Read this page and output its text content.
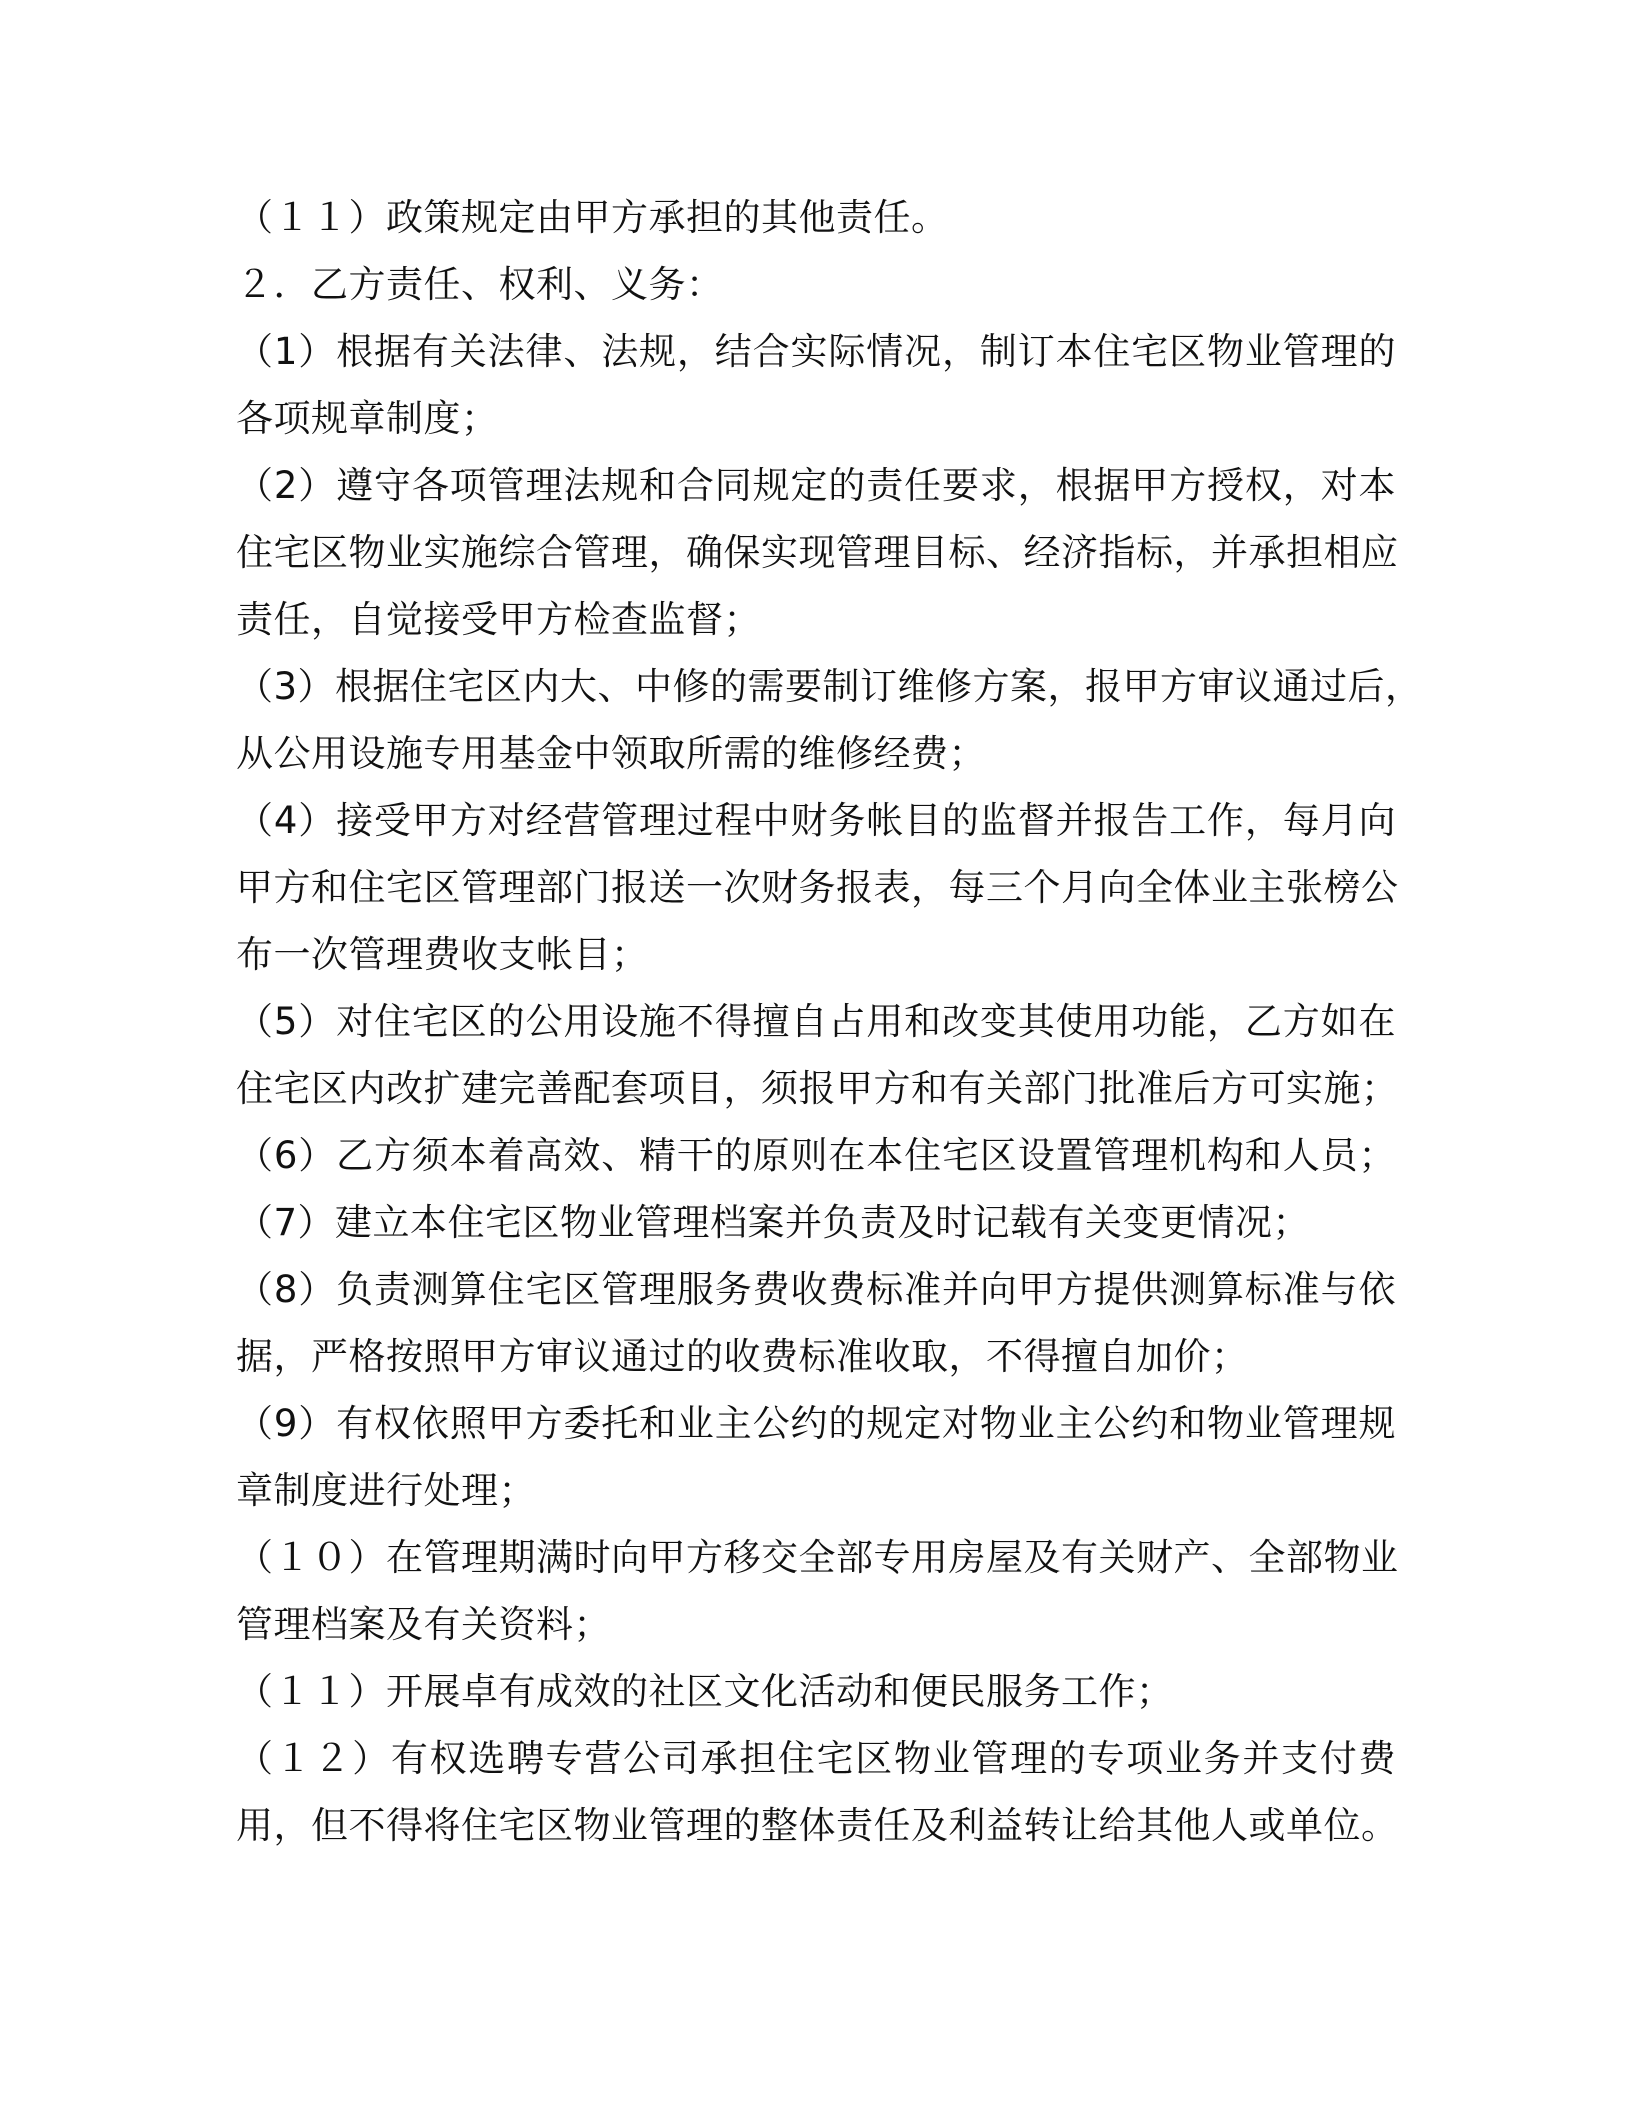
（１１）政策规定由甲方承担的其他责任。
２．乙方责任、权利、义务：
（1）根据有关法律、法规，结合实际情况，制订本住宅区物业管理的
各项规章制度；
（2）遵守各项管理法规和合同规定的责任要求，根据甲方授权，对本
住宅区物业实施综合管理，确保实现管理目标、经济指标，并承担相应
责任，自觉接受甲方检查监督；
（3）根据住宅区内大、中修的需要制订维修方案，报甲方审议通过后，
从公用设施专用基金中领取所需的维修经费；
（4）接受甲方对经营管理过程中财务帐目的监督并报告工作，每月向
甲方和住宅区管理部门报送一次财务报表，每三个月向全体业主张榜公
布一次管理费收支帐目；
（5）对住宅区的公用设施不得擅自占用和改变其使用功能，乙方如在
住宅区内改扩建完善配套项目，须报甲方和有关部门批准后方可实施；
（6）乙方须本着高效、精干的原则在本住宅区设置管理机构和人员；
（7）建立本住宅区物业管理档案并负责及时记载有关变更情况；
（8）负责测算住宅区管理服务费收费标准并向甲方提供测算标准与依
据，严格按照甲方审议通过的收费标准收取，不得擅自加价；
（9）有权依照甲方委托和业主公约的规定对物业主公约和物业管理规
章制度进行处理；
（１０）在管理期满时向甲方移交全部专用房屋及有关财产、全部物业
管理档案及有关资料；
（１１）开展卓有成效的社区文化活动和便民服务工作；
（１２）有权选聘专营公司承担住宅区物业管理的专项业务并支付费
用，但不得将住宅区物业管理的整体责任及利益转让给其他人或单位。
